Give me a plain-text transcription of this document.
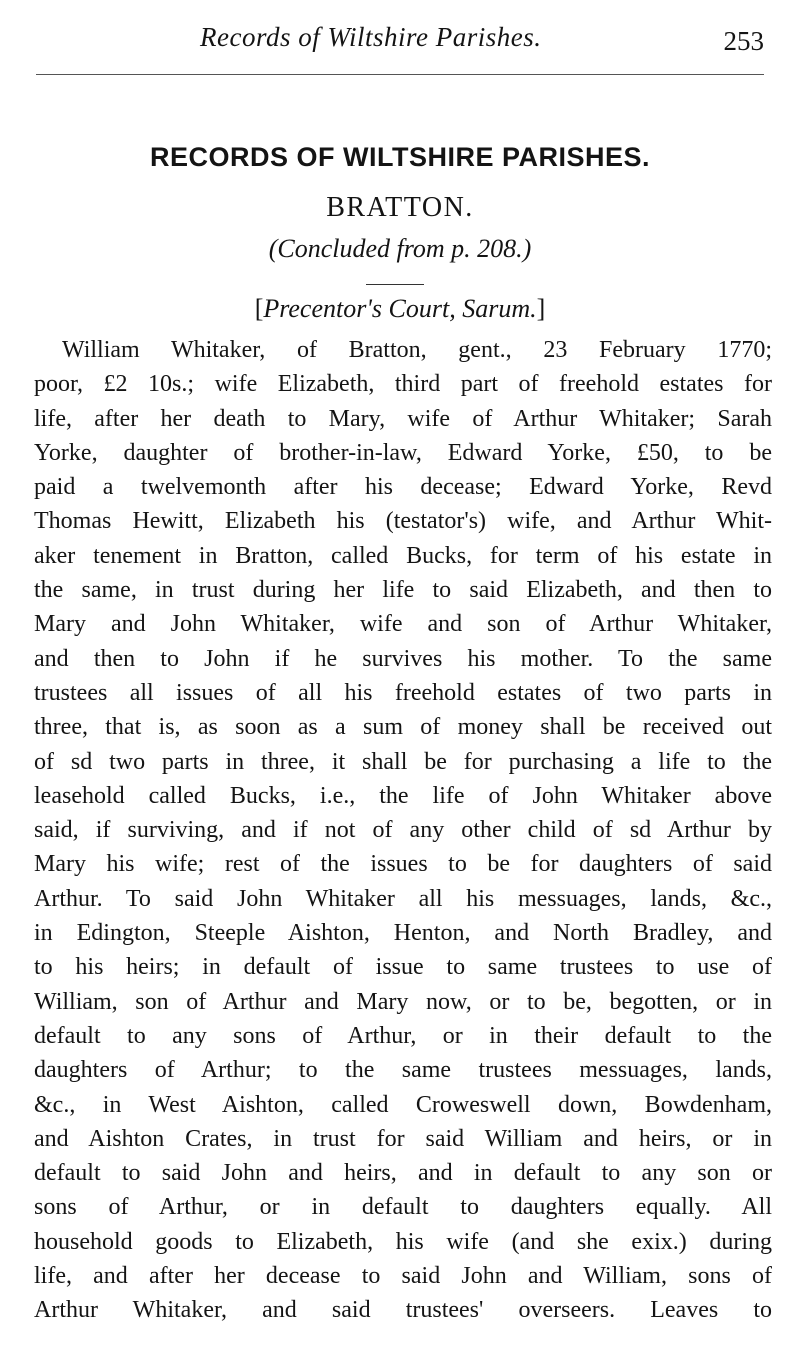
Records of Wiltshire Parishes.	253
RECORDS OF WILTSHIRE PARISHES.
BRATTON.
(Concluded from p. 208.)
[Precentor's Court, Sarum.]
William Whitaker, of Bratton, gent., 23 February 1770;
poor, £2 10s.; wife Elizabeth, third part of freehold estates for
life, after her death to Mary, wife of Arthur Whitaker; Sarah
Yorke, daughter of brother-in-law, Edward Yorke, £50, to be
paid a twelvemonth after his decease; Edward Yorke, Revd
Thomas Hewitt, Elizabeth his (testator's) wife, and Arthur Whit-
aker tenement in Bratton, called Bucks, for term of his estate in
the same, in trust during her life to said Elizabeth, and then to
Mary and John Whitaker, wife and son of Arthur Whitaker,
and then to John if he survives his mother. To the same
trustees all issues of all his freehold estates of two parts in
three, that is, as soon as a sum of money shall be received out
of sd two parts in three, it shall be for purchasing a life to the
leasehold called Bucks, i.e., the life of John Whitaker above
said, if surviving, and if not of any other child of sd Arthur by
Mary his wife; rest of the issues to be for daughters of said
Arthur. To said John Whitaker all his messuages, lands, &c.,
in Edington, Steeple Aishton, Henton, and North Bradley, and
to his heirs; in default of issue to same trustees to use of
William, son of Arthur and Mary now, or to be, begotten, or in
default to any sons of Arthur, or in their default to the
daughters of Arthur; to the same trustees messuages, lands,
&c., in West Aishton, called Croweswell down, Bowdenham,
and Aishton Crates, in trust for said William and heirs, or in
default to said John and heirs, and in default to any son or
sons of Arthur, or in default to daughters equally. All
household goods to Elizabeth, his wife (and she exix.) during
life, and after her decease to said John and William, sons of
Arthur Whitaker, and said trustees' overseers. Leaves to
